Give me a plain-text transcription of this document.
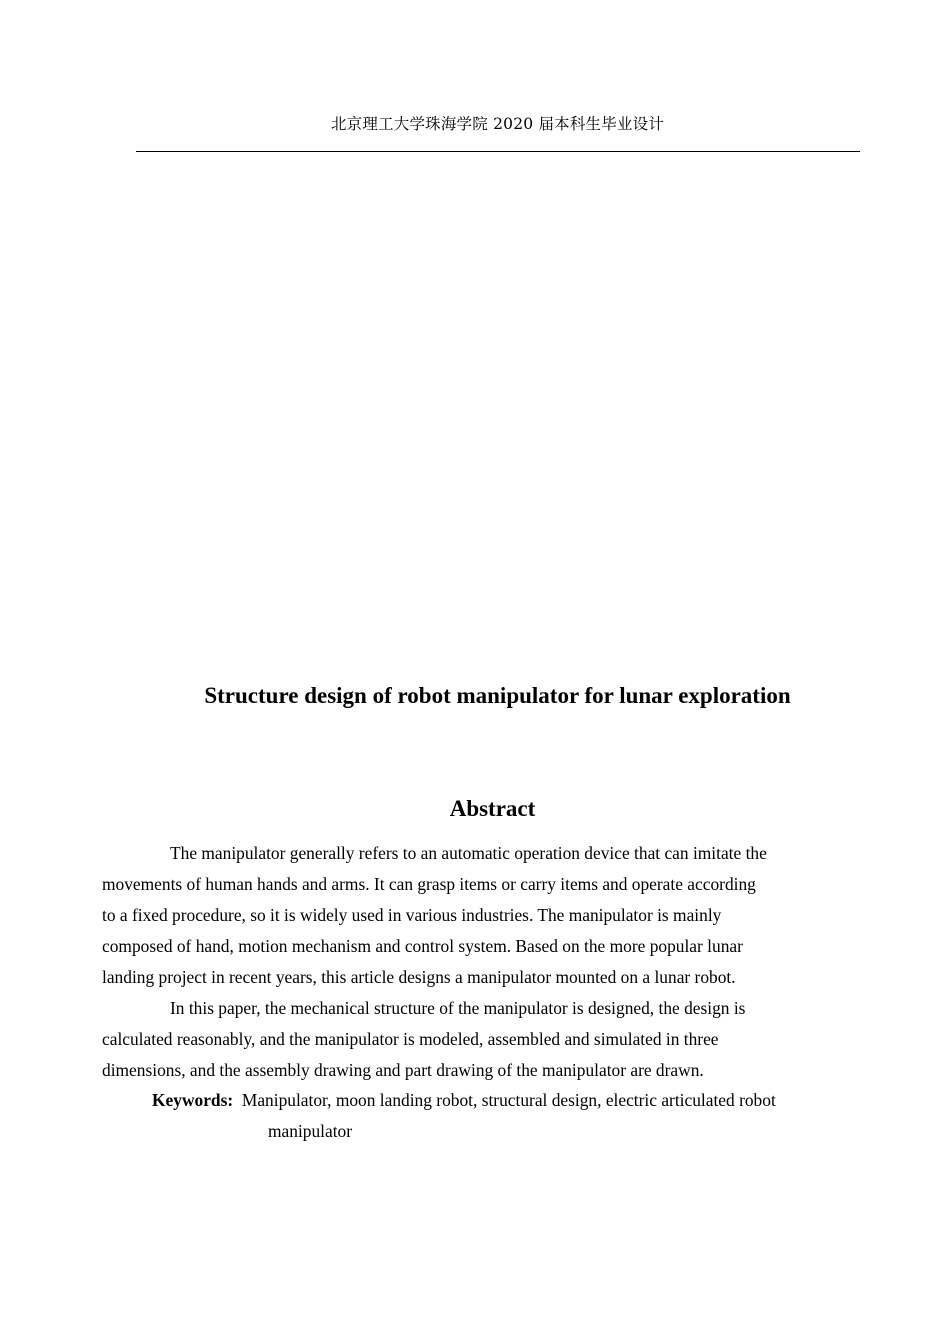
北京理工大学珠海学院 2020 届本科生毕业设计
Structure design of robot manipulator for lunar exploration
Abstract

The manipulator generally refers to an automatic operation device that can imitate the
movements of human hands and arms. It can grasp items or carry items and operate according
to a fixed procedure, so it is widely used in various industries. The manipulator is mainly
composed of hand, motion mechanism and control system. Based on the more popular lunar
landing project in recent years, this article designs a manipulator mounted on a lunar robot.

In this paper, the mechanical structure of the manipulator is designed, the design is
calculated reasonably, and the manipulator is modeled, assembled and simulated in three
dimensions, and the assembly drawing and part drawing of the manipulator are drawn.

Keywords: Manipulator, moon landing robot, structural design, electric articulated robot
manipulator
